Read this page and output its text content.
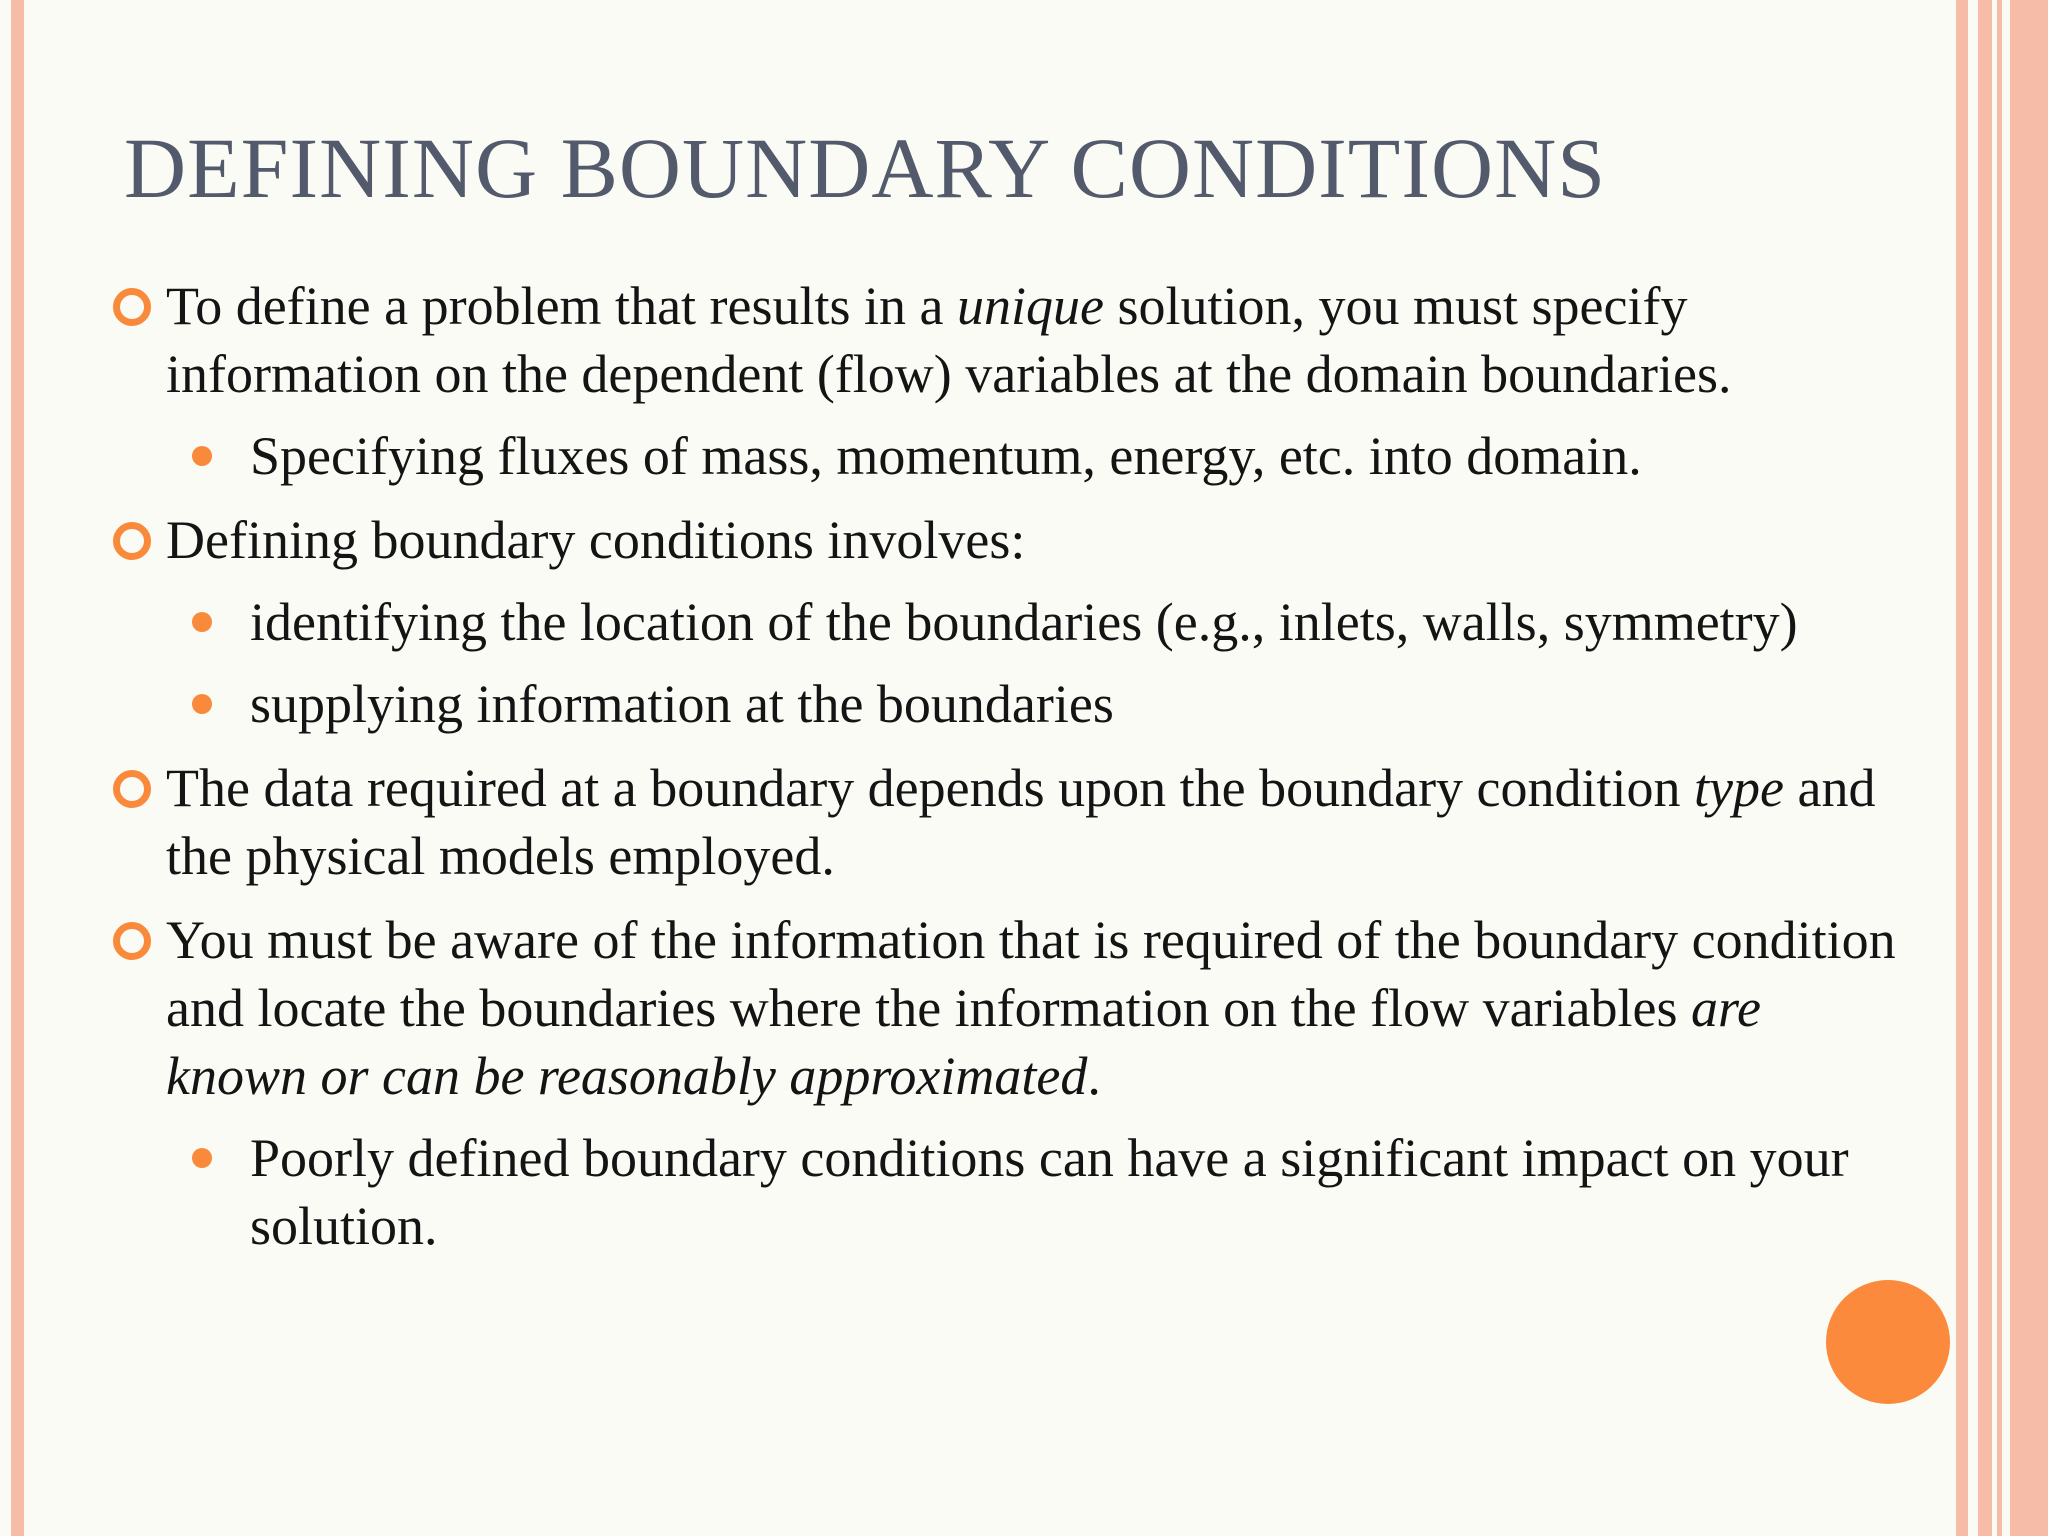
DEFINING BOUNDARY CONDITIONS
To define a problem that results in a unique solution, you must specify information on the dependent (flow) variables at the domain boundaries.
Specifying fluxes of mass, momentum, energy, etc. into domain.
Defining boundary conditions involves:
identifying the location of the boundaries (e.g., inlets, walls, symmetry)
supplying information at the boundaries
The data required at a boundary depends upon the boundary condition type and the physical models employed.
You must be aware of the information that is required of the boundary condition and locate the boundaries where the information on the flow variables are known or can be reasonably approximated.
Poorly defined boundary conditions can have a significant impact on your solution.
